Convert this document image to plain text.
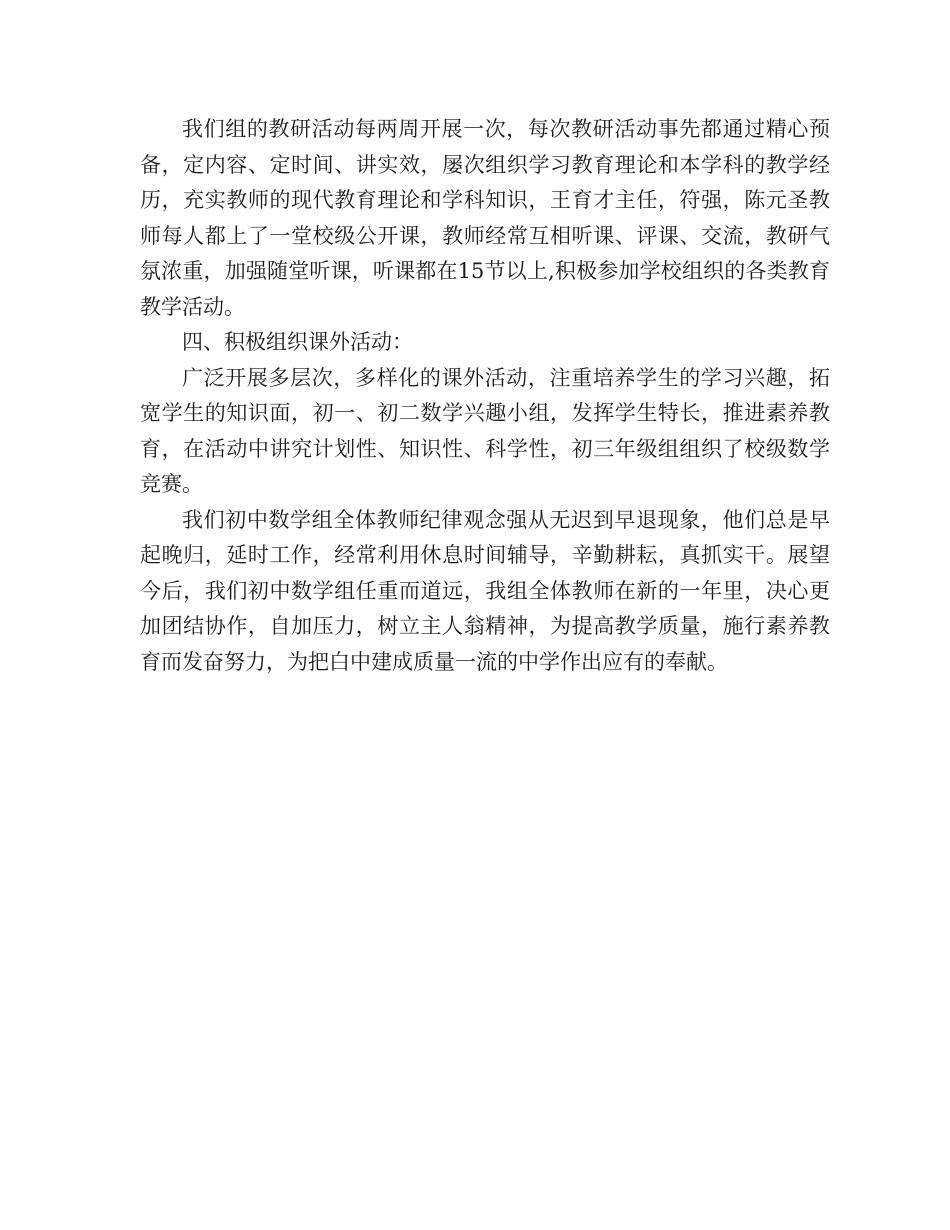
我们组的教研活动每两周开展一次，每次教研活动事先都通过精心预备，定内容、定时间、讲实效，屡次组织学习教育理论和本学科的教学经历，充实教师的现代教育理论和学科知识，王育才主任，符强，陈元圣教师每人都上了一堂校级公开课，教师经常互相听课、评课、交流，教研气氛浓重，加强随堂听课，听课都在15节以上,积极参加学校组织的各类教育教学活动。

四、积极组织课外活动：

广泛开展多层次，多样化的课外活动，注重培养学生的学习兴趣，拓宽学生的知识面，初一、初二数学兴趣小组，发挥学生特长，推进素养教育，在活动中讲究计划性、知识性、科学性，初三年级组组织了校级数学竞赛。

我们初中数学组全体教师纪律观念强从无迟到早退现象，他们总是早起晚归，延时工作，经常利用休息时间辅导，辛勤耕耘，真抓实干。展望今后，我们初中数学组任重而道远，我组全体教师在新的一年里，决心更加团结协作，自加压力，树立主人翁精神，为提高教学质量，施行素养教育而发奋努力，为把白中建成质量一流的中学作出应有的奉献。
